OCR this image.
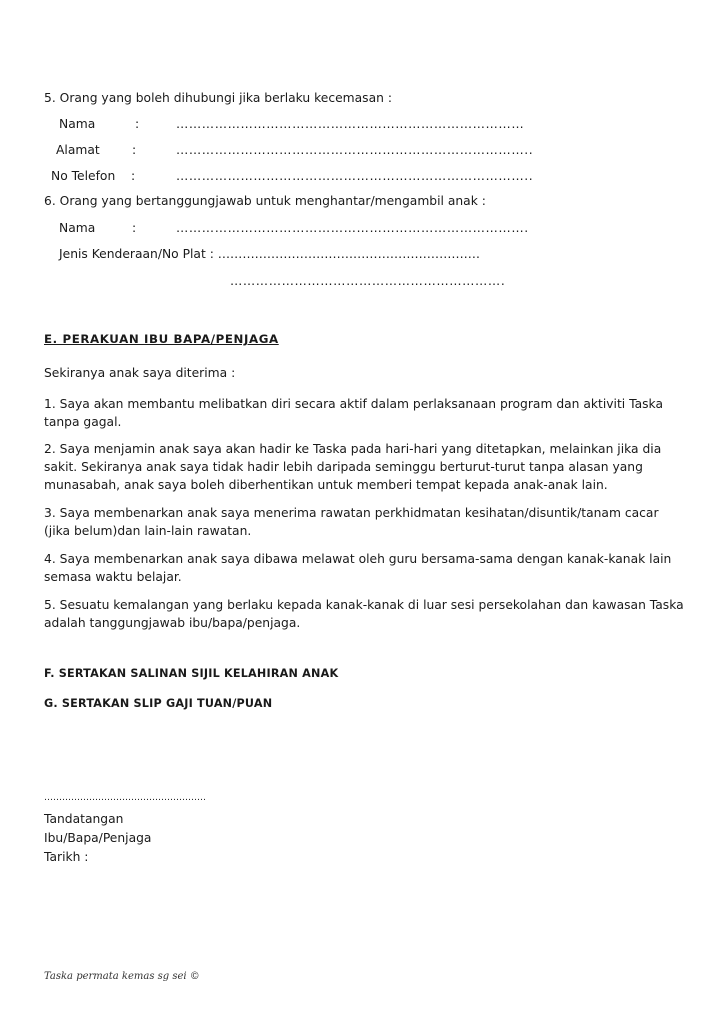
5. Orang yang boleh dihubungi jika berlaku kecemasan :
Nama	:	………………………………………………………………………
Alamat	:	………………………………………………………………………..
No Telefon :	………………………………………………………………………..
6. Orang yang bertanggungjawab untuk menghantar/mengambil anak :
Nama	:	……………………………………………………………………….
Jenis Kenderaan/No Plat : ……………………………………………………….
……………………………………………………….
E. PERAKUAN IBU BAPA/PENJAGA
Sekiranya anak saya diterima :
1. Saya akan membantu melibatkan diri secara aktif dalam perlaksanaan program dan aktiviti Taska tanpa gagal.
2. Saya menjamin anak saya akan hadir ke Taska pada hari-hari yang ditetapkan, melainkan jika dia sakit. Sekiranya anak saya tidak hadir lebih daripada seminggu berturut-turut tanpa alasan yang munasabah, anak saya boleh diberhentikan untuk memberi tempat kepada anak-anak lain.
3. Saya membenarkan anak saya menerima rawatan perkhidmatan kesihatan/disuntik/tanam cacar (jika belum)dan lain-lain rawatan.
4. Saya membenarkan anak saya dibawa melawat oleh guru bersama-sama dengan kanak-kanak lain semasa waktu belajar.
5. Sesuatu kemalangan yang berlaku kepada kanak-kanak di luar sesi persekolahan dan kawasan Taska adalah tanggungjawab ibu/bapa/penjaga.
F. SERTAKAN SALINAN SIJIL KELAHIRAN ANAK
G. SERTAKAN SLIP GAJI TUAN/PUAN
………………………………………………
Tandatangan
Ibu/Bapa/Penjaga
Tarikh :
Taska permata kemas sg sei ©
